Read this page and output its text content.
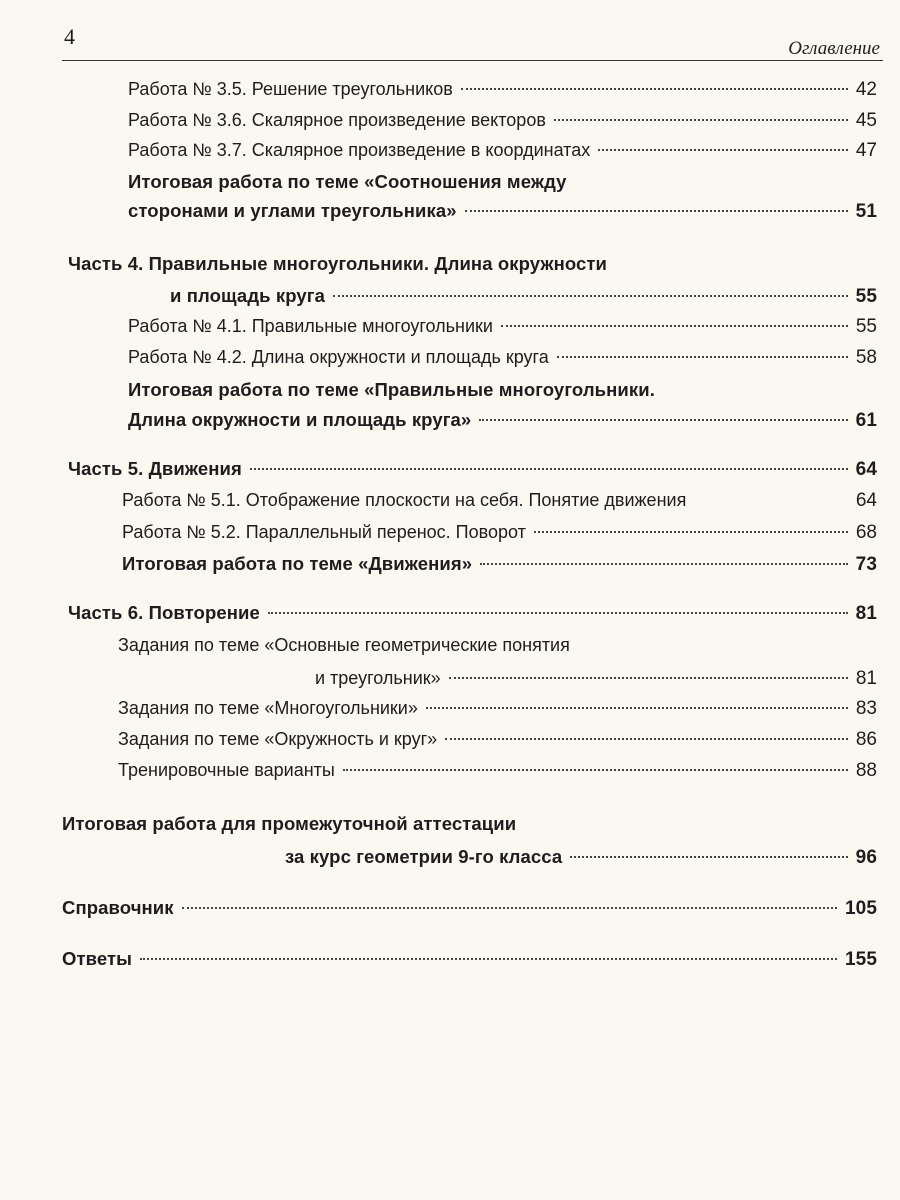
4	Оглавление
Работа № 3.5. Решение треугольников	42
Работа № 3.6. Скалярное произведение векторов	45
Работа № 3.7. Скалярное произведение в координатах	47
Итоговая работа по теме «Соотношения между
сторонами и углами треугольника»	51
Часть 4. Правильные многоугольники. Длина окружности
и площадь круга	55
Работа № 4.1. Правильные многоугольники	55
Работа № 4.2. Длина окружности и площадь круга	58
Итоговая работа по теме «Правильные многоугольники.
Длина окружности и площадь круга»	61
Часть 5. Движения	64
Работа № 5.1. Отображение плоскости на себя. Понятие движения	64
Работа № 5.2. Параллельный перенос. Поворот	68
Итоговая работа по теме «Движения»	73
Часть 6. Повторение	81
Задания по теме «Основные геометрические понятия
и треугольник»	81
Задания по теме «Многоугольники»	83
Задания по теме «Окружность и круг»	86
Тренировочные варианты	88
Итоговая работа для промежуточной аттестации
за курс геометрии 9-го класса	96
Справочник	105
Ответы	155
